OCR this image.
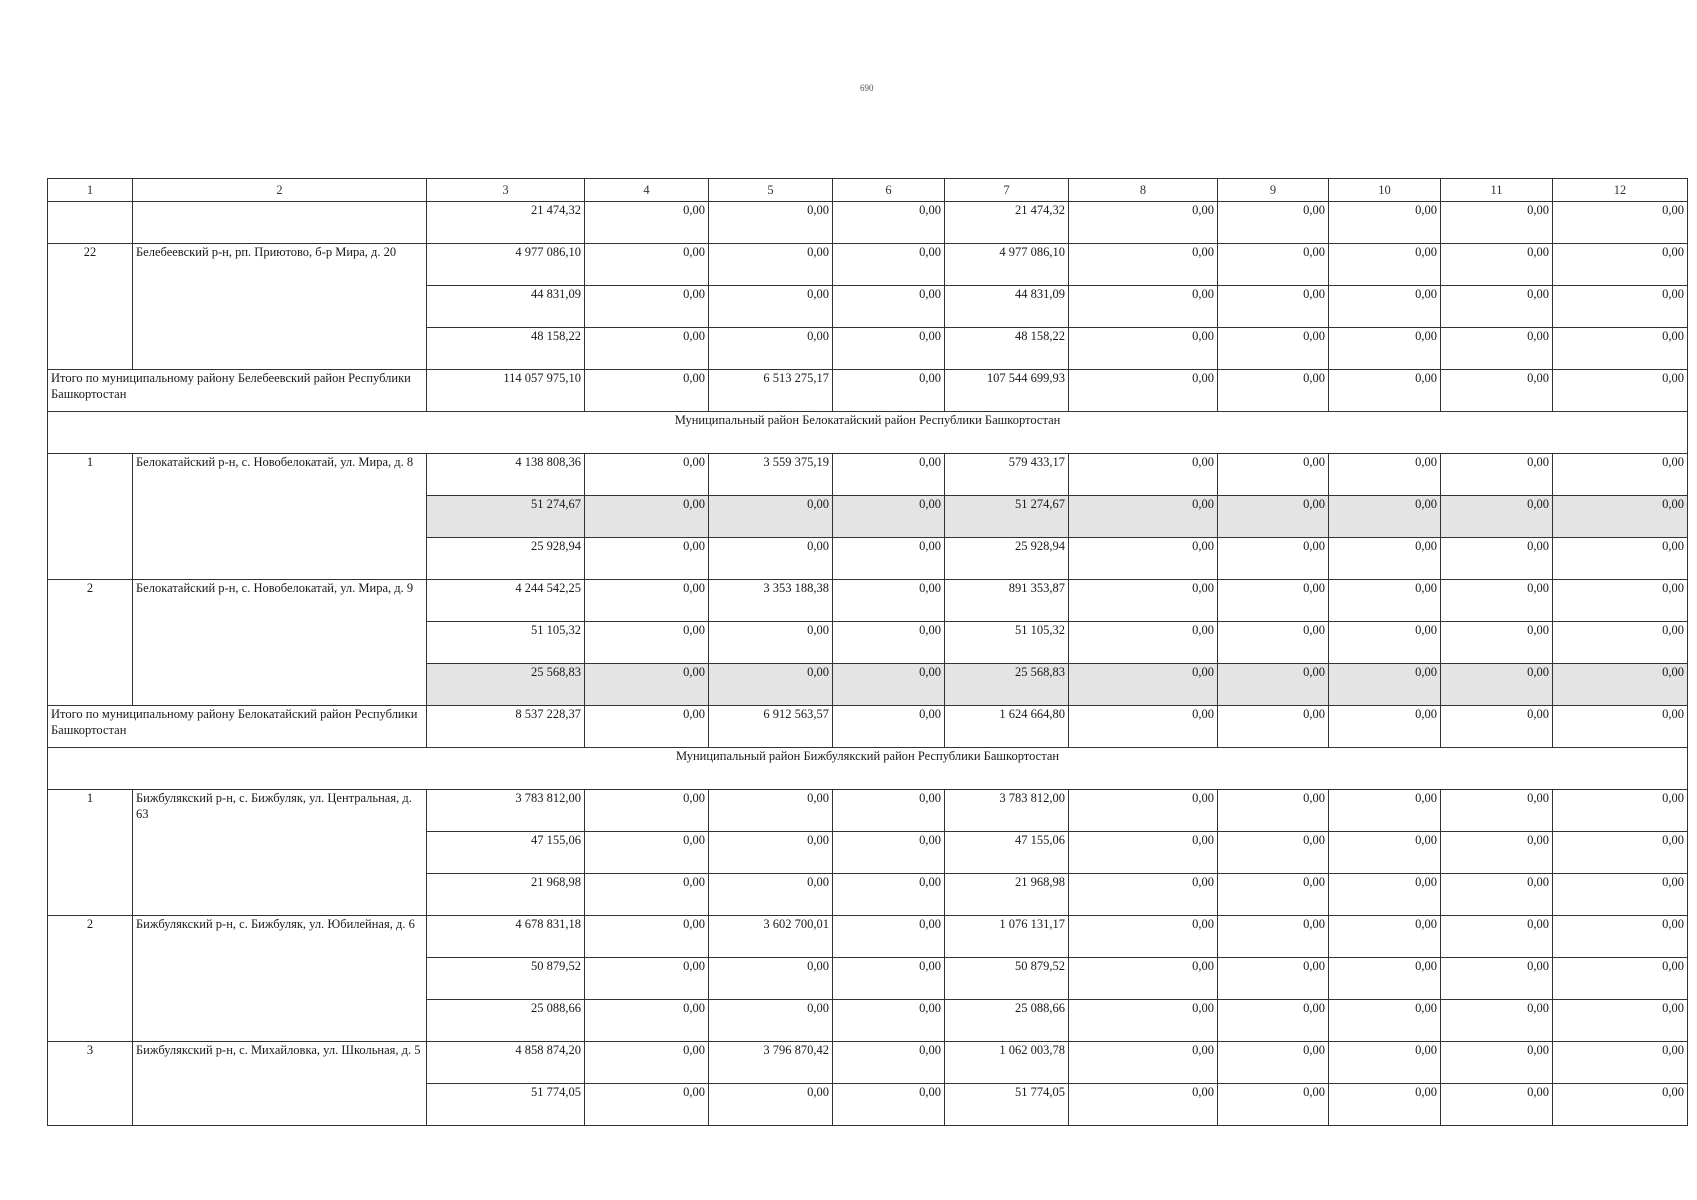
690
1	2	3	4	5	6	7	8	9	10	11	12
		21 474,32	0,00	0,00	0,00	21 474,32	0,00	0,00	0,00	0,00	0,00
22	Белебеевский р-н, рп. Приютово, б-р Мира, д. 20	4 977 086,10	0,00	0,00	0,00	4 977 086,10	0,00	0,00	0,00	0,00	0,00
		44 831,09	0,00	0,00	0,00	44 831,09	0,00	0,00	0,00	0,00	0,00
		48 158,22	0,00	0,00	0,00	48 158,22	0,00	0,00	0,00	0,00	0,00
Итого по муниципальному району Белебеевский район Республики Башкортостан		114 057 975,10	0,00	6 513 275,17	0,00	107 544 699,93	0,00	0,00	0,00	0,00	0,00
Муниципальный район Белокатайский район Республики Башкортостан											
1	Белокатайский р-н, с. Новобелокатай, ул. Мира, д. 8	4 138 808,36	0,00	3 559 375,19	0,00	579 433,17	0,00	0,00	0,00	0,00	0,00
		51 274,67	0,00	0,00	0,00	51 274,67	0,00	0,00	0,00	0,00	0,00
		25 928,94	0,00	0,00	0,00	25 928,94	0,00	0,00	0,00	0,00	0,00
2	Белокатайский р-н, с. Новобелокатай, ул. Мира, д. 9	4 244 542,25	0,00	3 353 188,38	0,00	891 353,87	0,00	0,00	0,00	0,00	0,00
		51 105,32	0,00	0,00	0,00	51 105,32	0,00	0,00	0,00	0,00	0,00
		25 568,83	0,00	0,00	0,00	25 568,83	0,00	0,00	0,00	0,00	0,00
Итого по муниципальному району Белокатайский район Республики Башкортостан		8 537 228,37	0,00	6 912 563,57	0,00	1 624 664,80	0,00	0,00	0,00	0,00	0,00
Муниципальный район Бижбулякский район Республики Башкортостан											
1	Бижбулякский р-н, с. Бижбуляк, ул. Центральная, д. 63	3 783 812,00	0,00	0,00	0,00	3 783 812,00	0,00	0,00	0,00	0,00	0,00
		47 155,06	0,00	0,00	0,00	47 155,06	0,00	0,00	0,00	0,00	0,00
		21 968,98	0,00	0,00	0,00	21 968,98	0,00	0,00	0,00	0,00	0,00
2	Бижбулякский р-н, с. Бижбуляк, ул. Юбилейная, д. 6	4 678 831,18	0,00	3 602 700,01	0,00	1 076 131,17	0,00	0,00	0,00	0,00	0,00
		50 879,52	0,00	0,00	0,00	50 879,52	0,00	0,00	0,00	0,00	0,00
		25 088,66	0,00	0,00	0,00	25 088,66	0,00	0,00	0,00	0,00	0,00
3	Бижбулякский р-н, с. Михайловка, ул. Школьная, д. 5	4 858 874,20	0,00	3 796 870,42	0,00	1 062 003,78	0,00	0,00	0,00	0,00	0,00
		51 774,05	0,00	0,00	0,00	51 774,05	0,00	0,00	0,00	0,00	0,00
